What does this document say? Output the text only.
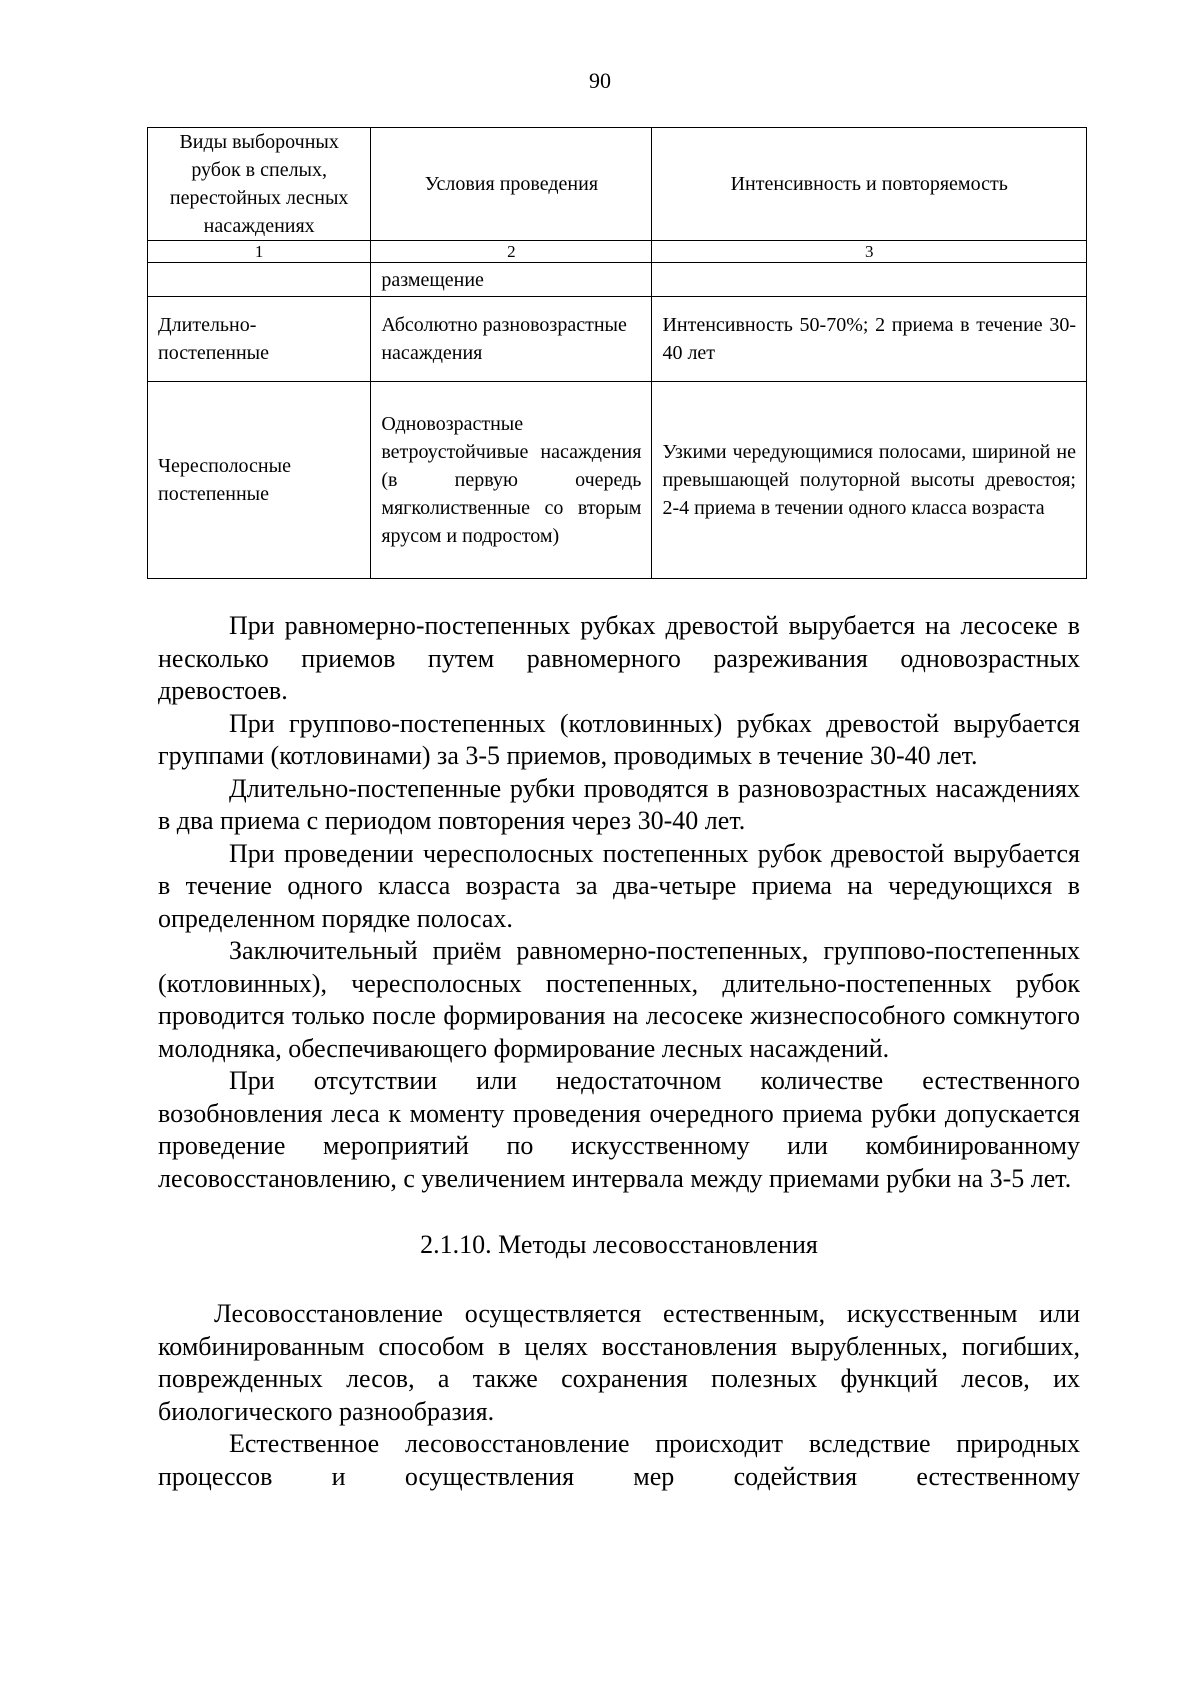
90
Виды выборочных рубок в спелых, перестойных лесных насаждениях	Условия проведения	Интенсивность и повторяемость
1	2	3
	размещение	
Длительно-постепенные	Абсолютно разновозрастные насаждения	Интенсивность 50-70%; 2 приема в течение 30-40 лет
Чересполосные постепенные	Одновозрастные ветроустойчивые насаждения (в первую очередь мягколиственные со вторым ярусом и подростом)	Узкими чередующимися полосами, шириной не превышающей полуторной высоты древостоя; 2-4 приема в течении одного класса возраста

При равномерно-постепенных рубках древостой вырубается на лесосеке в несколько приемов путем равномерного разреживания одновозрастных древостоев.

При группово-постепенных (котловинных) рубках древостой вырубается группами (котловинами) за 3-5 приемов, проводимых в течение 30-40 лет.

Длительно-постепенные рубки проводятся в разновозрастных насаждениях в два приема с периодом повторения через 30-40 лет.

При проведении чересполосных постепенных рубок древостой вырубается в течение одного класса возраста за два-четыре приема на чередующихся в определенном порядке полосах.

Заключительный приём равномерно-постепенных, группово-постепенных (котловинных), чересполосных постепенных, длительно-постепенных рубок проводится только после формирования на лесосеке жизнеспособного сомкнутого молодняка, обеспечивающего формирование лесных насаждений.

При отсутствии или недостаточном количестве естественного возобновления леса к моменту проведения очередного приема рубки допускается проведение мероприятий по искусственному или комбинированному лесовосстановлению, с увеличением интервала между приемами рубки на 3-5 лет.

2.1.10. Методы лесовосстановления

Лесовосстановление осуществляется естественным, искусственным или комбинированным способом в целях восстановления вырубленных, погибших, поврежденных лесов, а также сохранения полезных функций лесов, их биологического разнообразия.

Естественное лесовосстановление происходит вследствие природных процессов и осуществления мер содействия естественному
